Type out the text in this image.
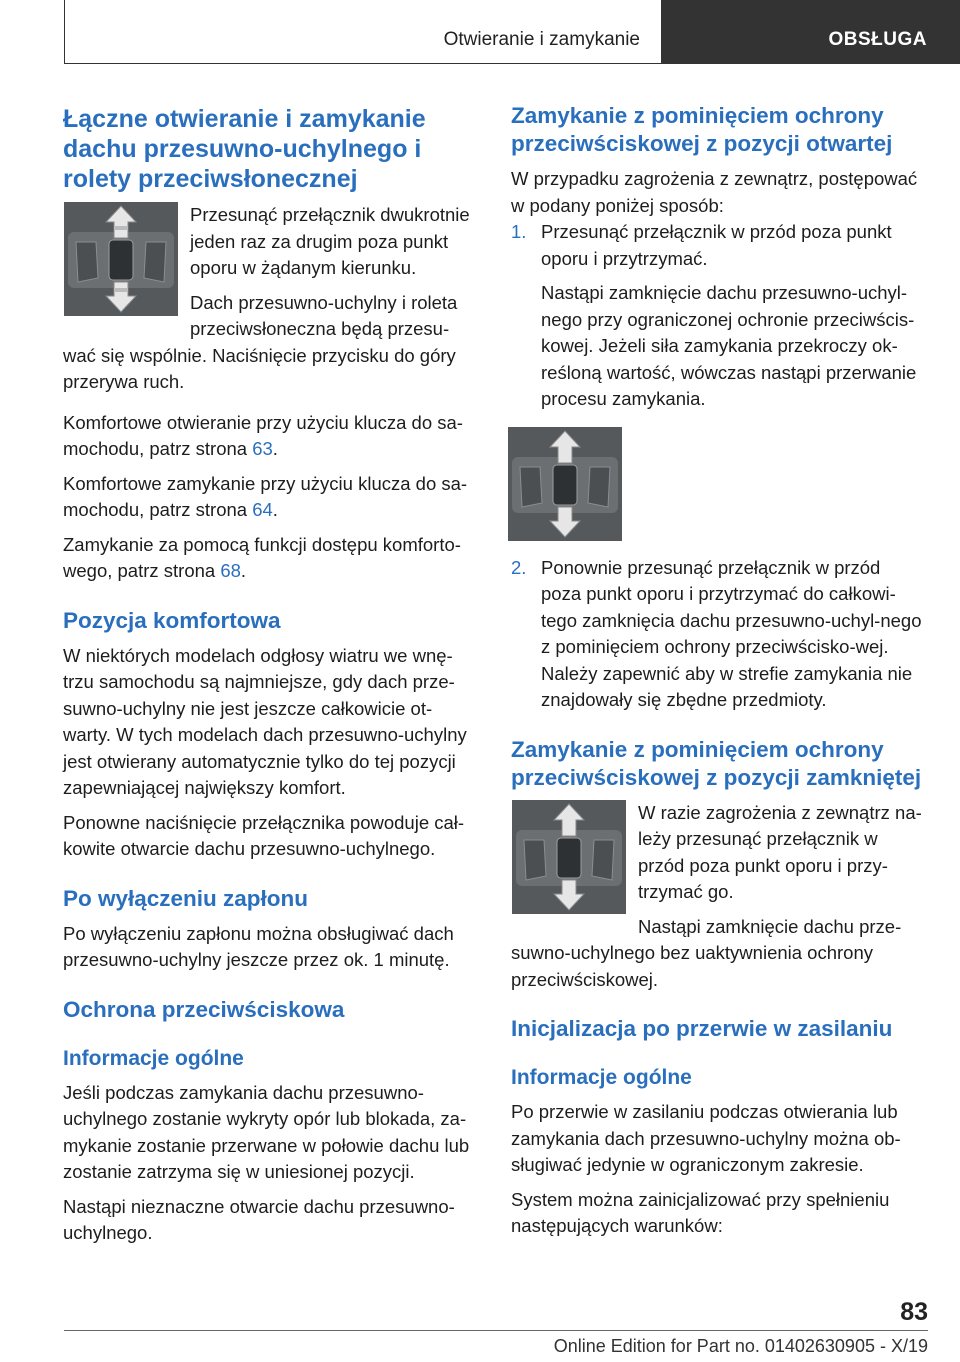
Otwieranie i zamykanie	OBSŁUGA
Łączne otwieranie i zamykanie dachu przesuwno-uchylnego i rolety przeciwsłonecznej

Przesunąć przełącznik dwukrotnie jeden raz za drugim poza punkt oporu w żądanym kierunku.

Dach przesuwno-uchylny i roleta przeciwsłoneczna będą przesu‐wać się wspólnie. Naciśnięcie przycisku do góry przerywa ruch.

Komfortowe otwieranie przy użyciu klucza do sa‐mochodu, patrz strona 63.

Komfortowe zamykanie przy użyciu klucza do sa‐mochodu, patrz strona 64.

Zamykanie za pomocą funkcji dostępu komforto‐wego, patrz strona 68.

Pozycja komfortowa

W niektórych modelach odgłosy wiatru we wnę‐trzu samochodu są najmniejsze, gdy dach prze‐suwno-uchylny nie jest jeszcze całkowicie ot‐warty. W tych modelach dach przesuwno-uchylny jest otwierany automatycznie tylko do tej pozycji zapewniającej największy komfort.

Ponowne naciśnięcie przełącznika powoduje cał‐kowite otwarcie dachu przesuwno-uchylnego.

Po wyłączeniu zapłonu

Po wyłączeniu zapłonu można obsługiwać dach przesuwno-uchylny jeszcze przez ok. 1 minutę.

Ochrona przeciwściskowa
Informacje ogólne

Jeśli podczas zamykania dachu przesuwno-uchylnego zostanie wykryty opór lub blokada, za‐mykanie zostanie przerwane w połowie dachu lub zostanie zatrzyma się w uniesionej pozycji.

Nastąpi nieznaczne otwarcie dachu przesuwno-uchylnego.

Zamykanie z pominięciem ochrony przeciwściskowej z pozycji otwartej

W przypadku zagrożenia z zewnątrz, postępować w podany poniżej sposób:

1. Przesunąć przełącznik w przód poza punkt oporu i przytrzymać.

Nastąpi zamknięcie dachu przesuwno-uchyl‐nego przy ograniczonej ochronie przeciwścis‐kowej. Jeżeli siła zamykania przekroczy ok‐reśloną wartość, wówczas nastąpi przerwanie procesu zamykania.

2. Ponownie przesunąć przełącznik w przód poza punkt oporu i przytrzymać do całkowi‐tego zamknięcia dachu przesuwno-uchyl‐nego z pominięciem ochrony przeciwścisko‐wej. Należy zapewnić aby w strefie zamykania nie znajdowały się zbędne przedmioty.

Zamykanie z pominięciem ochrony przeciwściskowej z pozycji zamkniętej

W razie zagrożenia z zewnątrz na‐leży przesunąć przełącznik w przód poza punkt oporu i przy‐trzymać go.

Nastąpi zamknięcie dachu prze‐suwno-uchylnego bez uaktywnienia ochrony przeciwściskowej.

Inicjalizacja po przerwie w zasilaniu
Informacje ogólne

Po przerwie w zasilaniu podczas otwierania lub zamykania dach przesuwno-uchylny można ob‐sługiwać jedynie w ograniczonym zakresie.

System można zainicjalizować przy spełnieniu następujących warunków:

83
Online Edition for Part no. 01402630905 - X/19
